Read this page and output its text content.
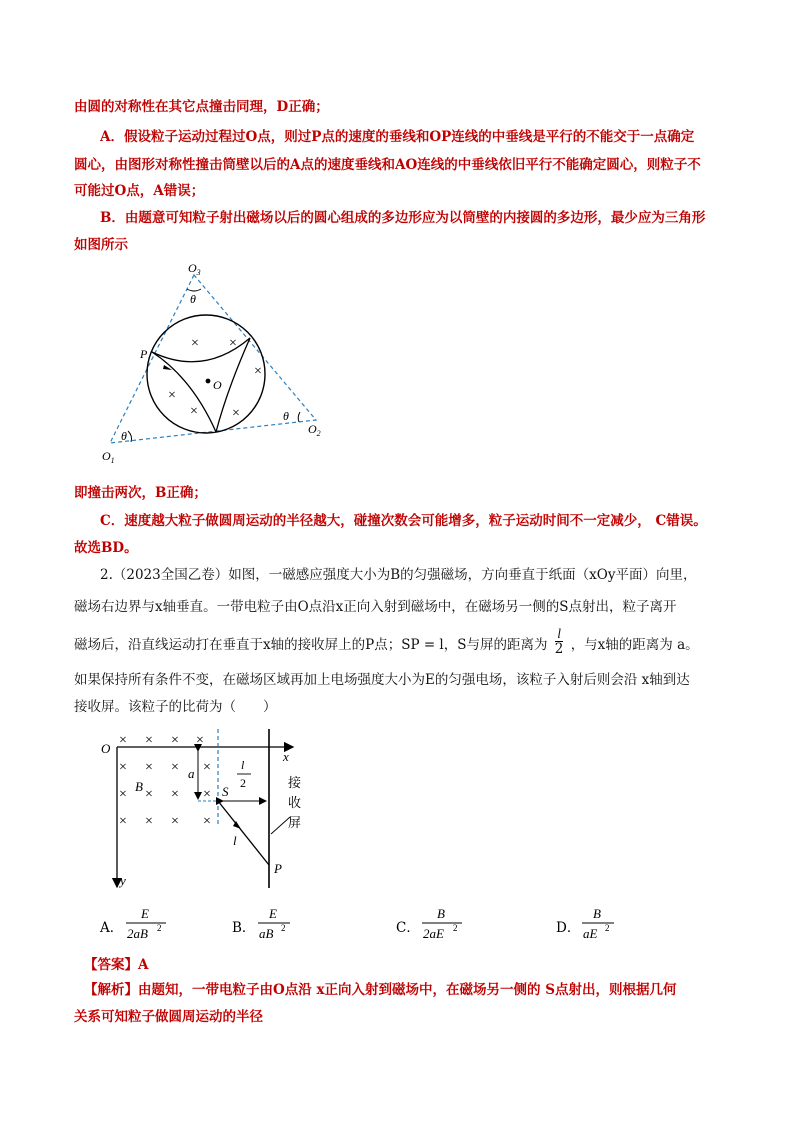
由圆的对称性在其它点撞击同理，D正确；
A．假设粒子运动过程过O点，则过P点的速度的垂线和OP连线的中垂线是平行的不能交于一点确定
圆心，由图形对称性撞击筒壁以后的A点的速度垂线和AO连线的中垂线依旧平行不能确定圆心，则粒子不
可能过O点，A错误；
B．由题意可知粒子射出磁场以后的圆心组成的多边形应为以筒壁的内接圆的多边形，最少应为三角形
如图所示
× ×
×
×
× ×
$O_3$
θ
P
O
θ
$O_2$
θ
$O_1$
即撞击两次，B正确；
C．速度越大粒子做圆周运动的半径越大，碰撞次数会可能增多，粒子运动时间不一定减少， C错误。
故选BD。
2.（2023全国乙卷）如图，一磁感应强度大小为B的匀强磁场，方向垂直于纸面（xOy平面）向里，
磁场右边界与x轴垂直。一带电粒子由O点沿x正向入射到磁场中，在磁场另一侧的S点射出，粒子离开
磁场后，沿直线运动打在垂直于x轴的接收屏上的P点；SP = l，S与屏的距离为 $\frac{l}{2}$ ，与x轴的距离为 a。
如果保持所有条件不变，在磁场区域再加上电场强度大小为E的匀强电场，该粒子入射后则会沿 x轴到达
接收屏。该粒子的比荷为（　　）
× × × ×
× × × ×
× × × ×
× × × ×
O
x
y
a
B	S
l
2
l
P
接
收
屏
A．
E
2aB 2	B．
E
aB 2	C．
B
2aE 2	D．
B
aE 2
【答案】A
【解析】由题知，一带电粒子由O点沿 x正向入射到磁场中，在磁场另一侧的 S点射出，则根据几何
关系可知粒子做圆周运动的半径
